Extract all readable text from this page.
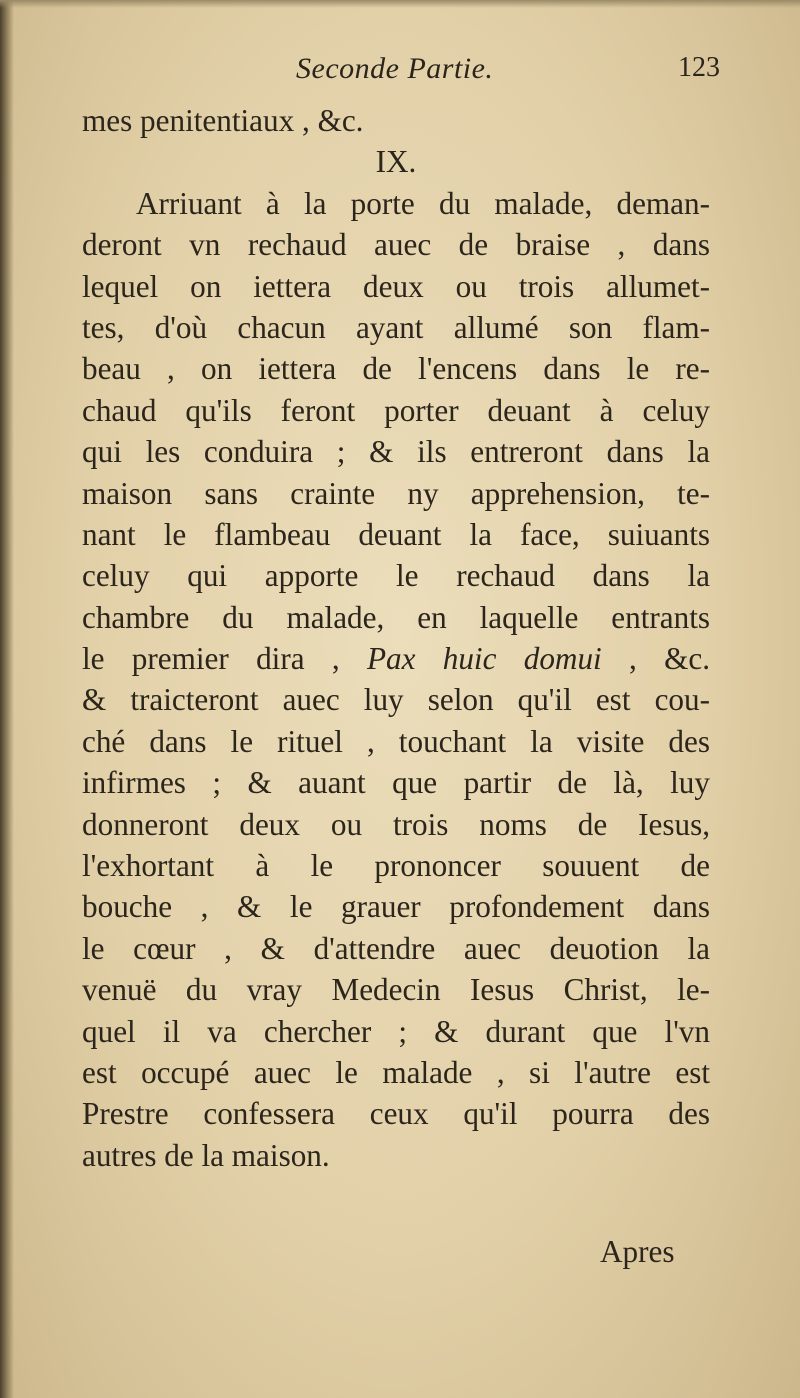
Seconde Partie.	123
mes penitentiaux , &c.
IX.
Arriuant à la porte du malade, deman-
deront vn rechaud auec de braise , dans
lequel on iettera deux ou trois allumet-
tes, d'où chacun ayant allumé son flam-
beau , on iettera de l'encens dans le re-
chaud qu'ils feront porter deuant à celuy
qui les conduira ; & ils entreront dans la
maison sans crainte ny apprehension, te-
nant le flambeau deuant la face, suiuants
celuy qui apporte le rechaud dans la
chambre du malade, en laquelle entrants
le premier dira , Pax huic domui , &c.
& traicteront auec luy selon qu'il est cou-
ché dans le rituel , touchant la visite des
infirmes ; & auant que partir de là, luy
donneront deux ou trois noms de Iesus,
l'exhortant à le prononcer souuent de
bouche , & le grauer profondement dans
le cœur , & d'attendre auec deuotion la
venuë du vray Medecin Iesus Christ, le-
quel il va chercher ; & durant que l'vn
est occupé auec le malade , si l'autre est
Prestre confessera ceux qu'il pourra des
autres de la maison.
Apres
